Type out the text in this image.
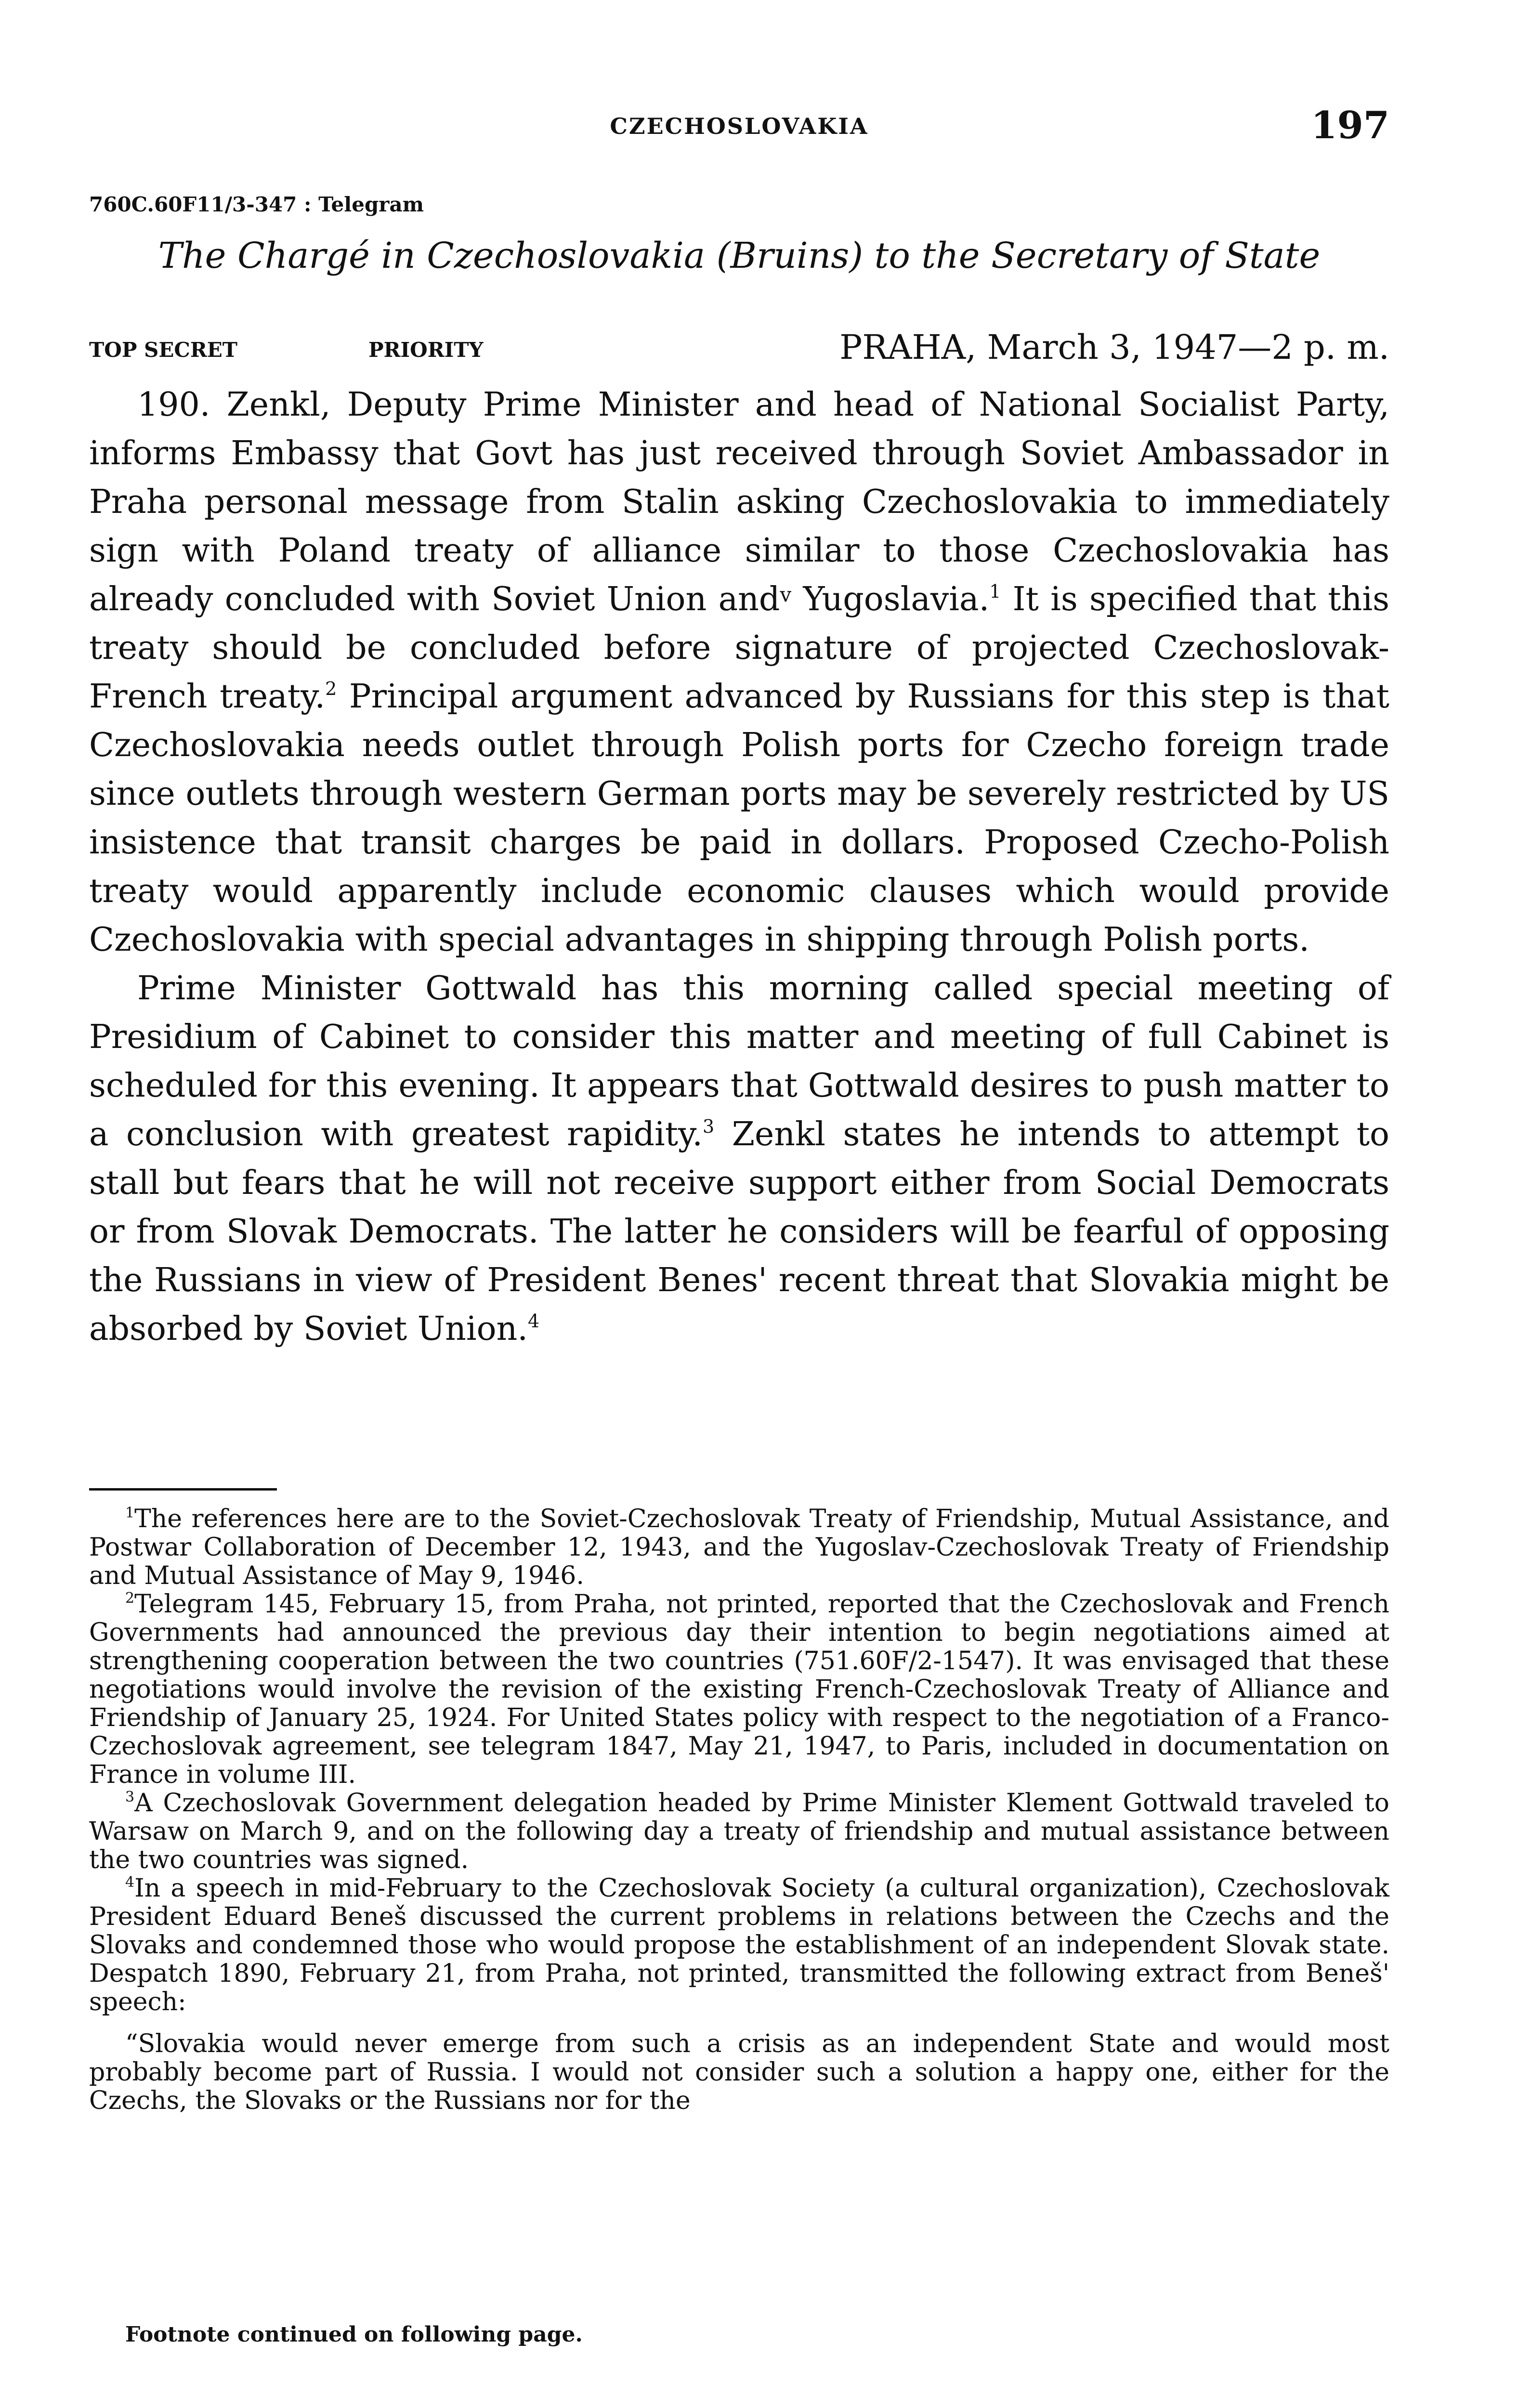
CZECHOSLOVAKIA	197
760C.60F11/3-347 : Telegram
The Chargé in Czechoslovakia (Bruins) to the Secretary of State
TOP SECRET	PRIORITY	PRAHA, March 3, 1947—2 p. m.

190. Zenkl, Deputy Prime Minister and head of National Socialist Party, informs Embassy that Govt has just received through Soviet Ambassador in Praha personal message from Stalin asking Czechoslovakia to immediately sign with Poland treaty of alliance similar to those Czechoslovakia has already concluded with Soviet Union and$^v$ Yugoslavia.$^1$ It is specified that this treaty should be concluded before signature of projected Czechoslovak-French treaty.$^2$ Principal argument advanced by Russians for this step is that Czechoslovakia needs outlet through Polish ports for Czecho foreign trade since outlets through western German ports may be severely restricted by US insistence that transit charges be paid in dollars. Proposed Czecho-Polish treaty would apparently include economic clauses which would provide Czechoslovakia with special advantages in shipping through Polish ports.

Prime Minister Gottwald has this morning called special meeting of Presidium of Cabinet to consider this matter and meeting of full Cabinet is scheduled for this evening. It appears that Gottwald desires to push matter to a conclusion with greatest rapidity.$^3$ Zenkl states he intends to attempt to stall but fears that he will not receive support either from Social Democrats or from Slovak Democrats. The latter he considers will be fearful of opposing the Russians in view of President Benes' recent threat that Slovakia might be absorbed by Soviet Union.$^4$

$^1$The references here are to the Soviet-Czechoslovak Treaty of Friendship, Mutual Assistance, and Postwar Collaboration of December 12, 1943, and the Yugoslav-Czechoslovak Treaty of Friendship and Mutual Assistance of May 9, 1946.

$^2$Telegram 145, February 15, from Praha, not printed, reported that the Czechoslovak and French Governments had announced the previous day their intention to begin negotiations aimed at strengthening cooperation between the two countries (751.60F/2-1547). It was envisaged that these negotiations would involve the revision of the existing French-Czechoslovak Treaty of Alliance and Friendship of January 25, 1924. For United States policy with respect to the negotiation of a Franco-Czechoslovak agreement, see telegram 1847, May 21, 1947, to Paris, included in documentation on France in volume III.

$^3$A Czechoslovak Government delegation headed by Prime Minister Klement Gottwald traveled to Warsaw on March 9, and on the following day a treaty of friendship and mutual assistance between the two countries was signed.

$^4$In a speech in mid-February to the Czechoslovak Society (a cultural organization), Czechoslovak President Eduard Beneš discussed the current problems in relations between the Czechs and the Slovaks and condemned those who would propose the establishment of an independent Slovak state. Despatch 1890, February 21, from Praha, not printed, transmitted the following extract from Beneš' speech:

“Slovakia would never emerge from such a crisis as an independent State and would most probably become part of Russia. I would not consider such a solution a happy one, either for the Czechs, the Slovaks or the Russians nor for the

Footnote continued on following page.
